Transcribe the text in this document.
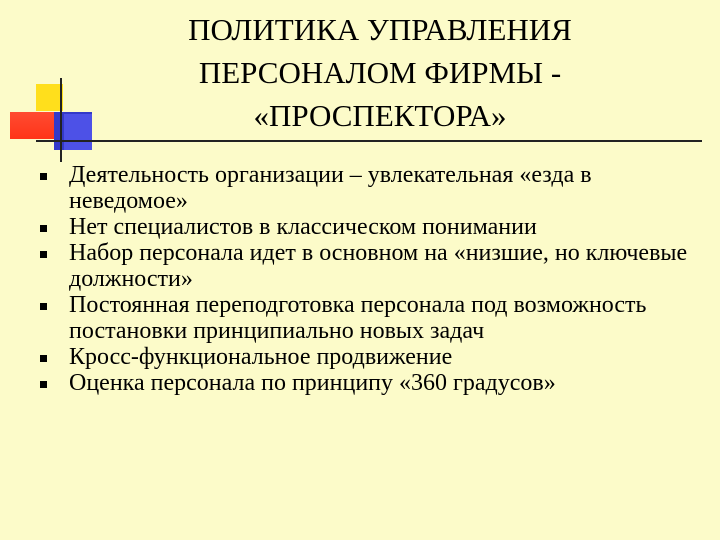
ПОЛИТИКА УПРАВЛЕНИЯ
ПЕРСОНАЛОМ ФИРМЫ -
«ПРОСПЕКТОРА»
Деятельность организации – увлекательная «езда в неведомое»
Нет специалистов в классическом понимании
Набор персонала идет в основном на «низшие, но ключевые должности»
Постоянная переподготовка персонала под возможность постановки принципиально новых задач
Кросс-функциональное продвижение
Оценка персонала по принципу «360 градусов»
